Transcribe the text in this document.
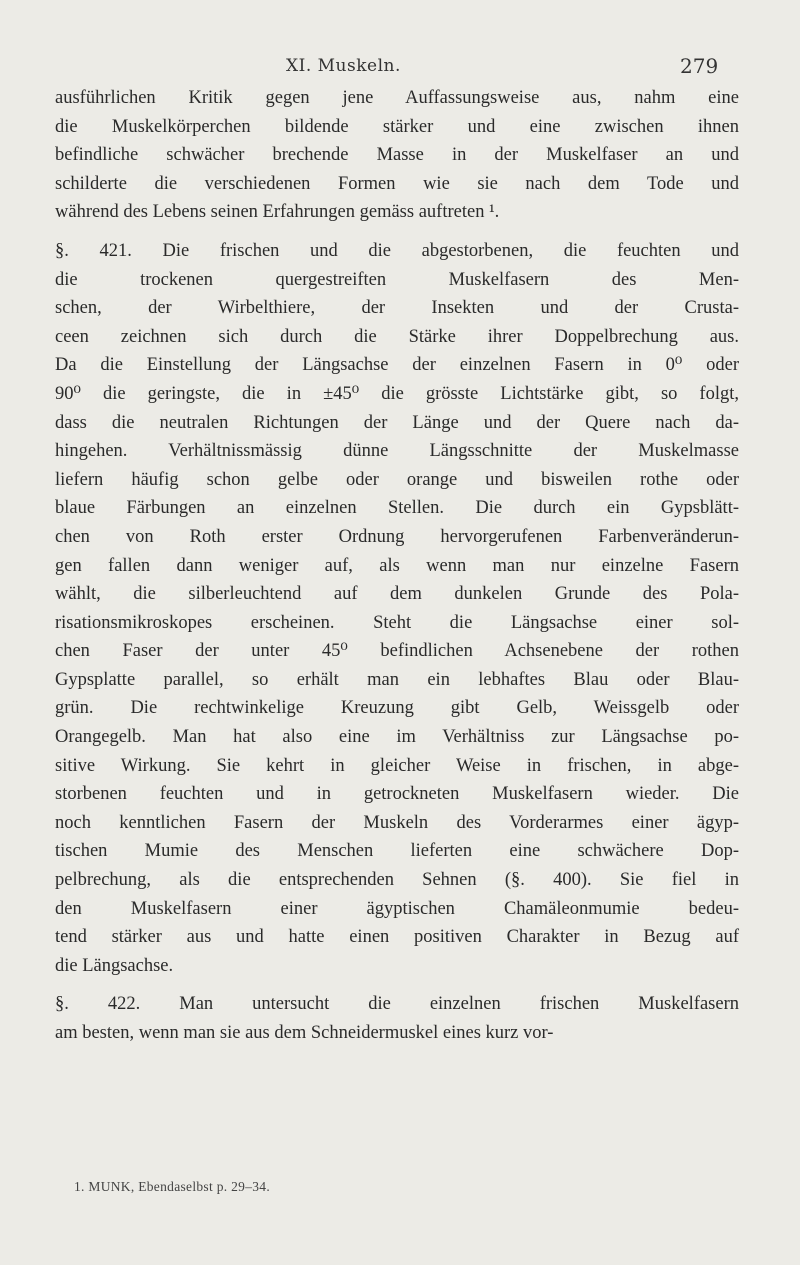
XI. Muskeln.	279
ausführlichen Kritik gegen jene Auffassungsweise aus, nahm eine
die Muskelkörperchen bildende stärker und eine zwischen ihnen
befindliche schwächer brechende Masse in der Muskelfaser an und
schilderte die verschiedenen Formen wie sie nach dem Tode und
während des Lebens seinen Erfahrungen gemäss auftreten ¹.
§. 421. Die frischen und die abgestorbenen, die feuchten und
die trockenen quergestreiften Muskelfasern des Men-
schen, der Wirbelthiere, der Insekten und der Crusta-
ceen zeichnen sich durch die Stärke ihrer Doppelbrechung aus.
Da die Einstellung der Längsachse der einzelnen Fasern in 0⁰ oder
90⁰ die geringste, die in ±45⁰ die grösste Lichtstärke gibt, so folgt,
dass die neutralen Richtungen der Länge und der Quere nach da-
hingehen. Verhältnissmässig dünne Längsschnitte der Muskelmasse
liefern häufig schon gelbe oder orange und bisweilen rothe oder
blaue Färbungen an einzelnen Stellen. Die durch ein Gypsblätt-
chen von Roth erster Ordnung hervorgerufenen Farbenveränderun-
gen fallen dann weniger auf, als wenn man nur einzelne Fasern
wählt, die silberleuchtend auf dem dunkelen Grunde des Pola-
risationsmikroskopes erscheinen. Steht die Längsachse einer sol-
chen Faser der unter 45⁰ befindlichen Achsenebene der rothen
Gypsplatte parallel, so erhält man ein lebhaftes Blau oder Blau-
grün. Die rechtwinkelige Kreuzung gibt Gelb, Weissgelb oder
Orangegelb. Man hat also eine im Verhältniss zur Längsachse po-
sitive Wirkung. Sie kehrt in gleicher Weise in frischen, in abge-
storbenen feuchten und in getrockneten Muskelfasern wieder. Die
noch kenntlichen Fasern der Muskeln des Vorderarmes einer ägyp-
tischen Mumie des Menschen lieferten eine schwächere Dop-
pelbrechung, als die entsprechenden Sehnen (§. 400). Sie fiel in
den Muskelfasern einer ägyptischen Chamäleonmumie bedeu-
tend stärker aus und hatte einen positiven Charakter in Bezug auf
die Längsachse.
§. 422. Man untersucht die einzelnen frischen Muskelfasern
am besten, wenn man sie aus dem Schneidermuskel eines kurz vor-
1. MUNK, Ebendaselbst p. 29–34.
